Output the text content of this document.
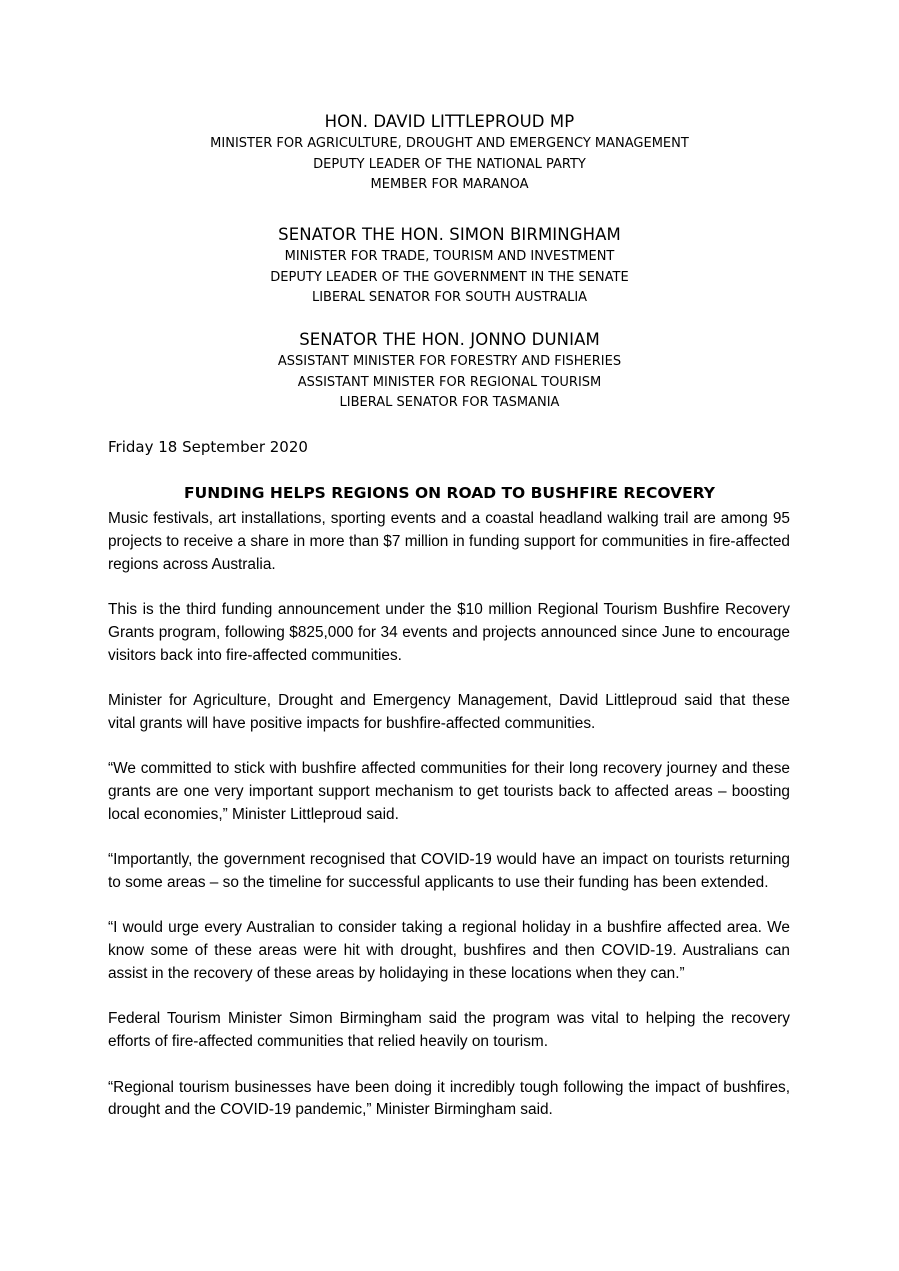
HON. DAVID LITTLEPROUD MP
MINISTER FOR AGRICULTURE, DROUGHT AND EMERGENCY MANAGEMENT
DEPUTY LEADER OF THE NATIONAL PARTY
MEMBER FOR MARANOA
SENATOR THE HON. SIMON BIRMINGHAM
MINISTER FOR TRADE, TOURISM AND INVESTMENT
DEPUTY LEADER OF THE GOVERNMENT IN THE SENATE
LIBERAL SENATOR FOR SOUTH AUSTRALIA
SENATOR THE HON. JONNO DUNIAM
ASSISTANT MINISTER FOR FORESTRY AND FISHERIES
ASSISTANT MINISTER FOR REGIONAL TOURISM
LIBERAL SENATOR FOR TASMANIA
Friday 18 September 2020
FUNDING HELPS REGIONS ON ROAD TO BUSHFIRE RECOVERY

Music festivals, art installations, sporting events and a coastal headland walking trail are among 95 projects to receive a share in more than $7 million in funding support for communities in fire-affected regions across Australia.

This is the third funding announcement under the $10 million Regional Tourism Bushfire Recovery Grants program, following $825,000 for 34 events and projects announced since June to encourage visitors back into fire-affected communities.

Minister for Agriculture, Drought and Emergency Management, David Littleproud said that these vital grants will have positive impacts for bushfire-affected communities.

“We committed to stick with bushfire affected communities for their long recovery journey and these grants are one very important support mechanism to get tourists back to affected areas – boosting local economies,” Minister Littleproud said.

“Importantly, the government recognised that COVID-19 would have an impact on tourists returning to some areas – so the timeline for successful applicants to use their funding has been extended.

“I would urge every Australian to consider taking a regional holiday in a bushfire affected area. We know some of these areas were hit with drought, bushfires and then COVID-19. Australians can assist in the recovery of these areas by holidaying in these locations when they can.”

Federal Tourism Minister Simon Birmingham said the program was vital to helping the recovery efforts of fire-affected communities that relied heavily on tourism.

“Regional tourism businesses have been doing it incredibly tough following the impact of bushfires, drought and the COVID-19 pandemic,” Minister Birmingham said.
